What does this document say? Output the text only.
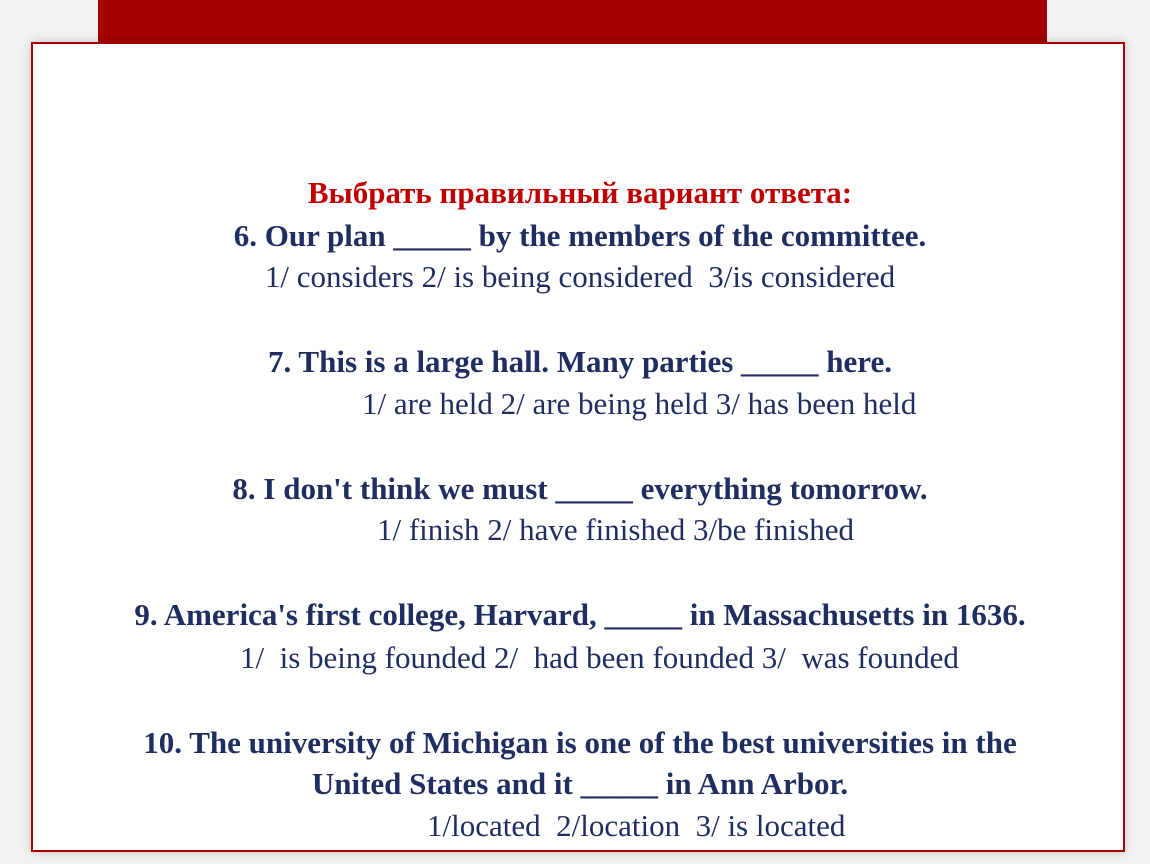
Выбрать правильный вариант ответа:
6. Our plan _____ by the members of the committee.
1/ considers 2/ is being considered  3/is considered
7. This is a large hall. Many parties _____ here.
1/ are held 2/ are being held 3/ has been held
8. I don't think we must _____ everything tomorrow.
1/ finish 2/ have finished 3/be finished
9. America's first college, Harvard, _____ in Massachusetts in 1636.
1/  is being founded 2/  had been founded 3/  was founded
10. The university of Michigan is one of the best universities in the
United States and it _____ in Ann Arbor.
1/located  2/location  3/ is located
